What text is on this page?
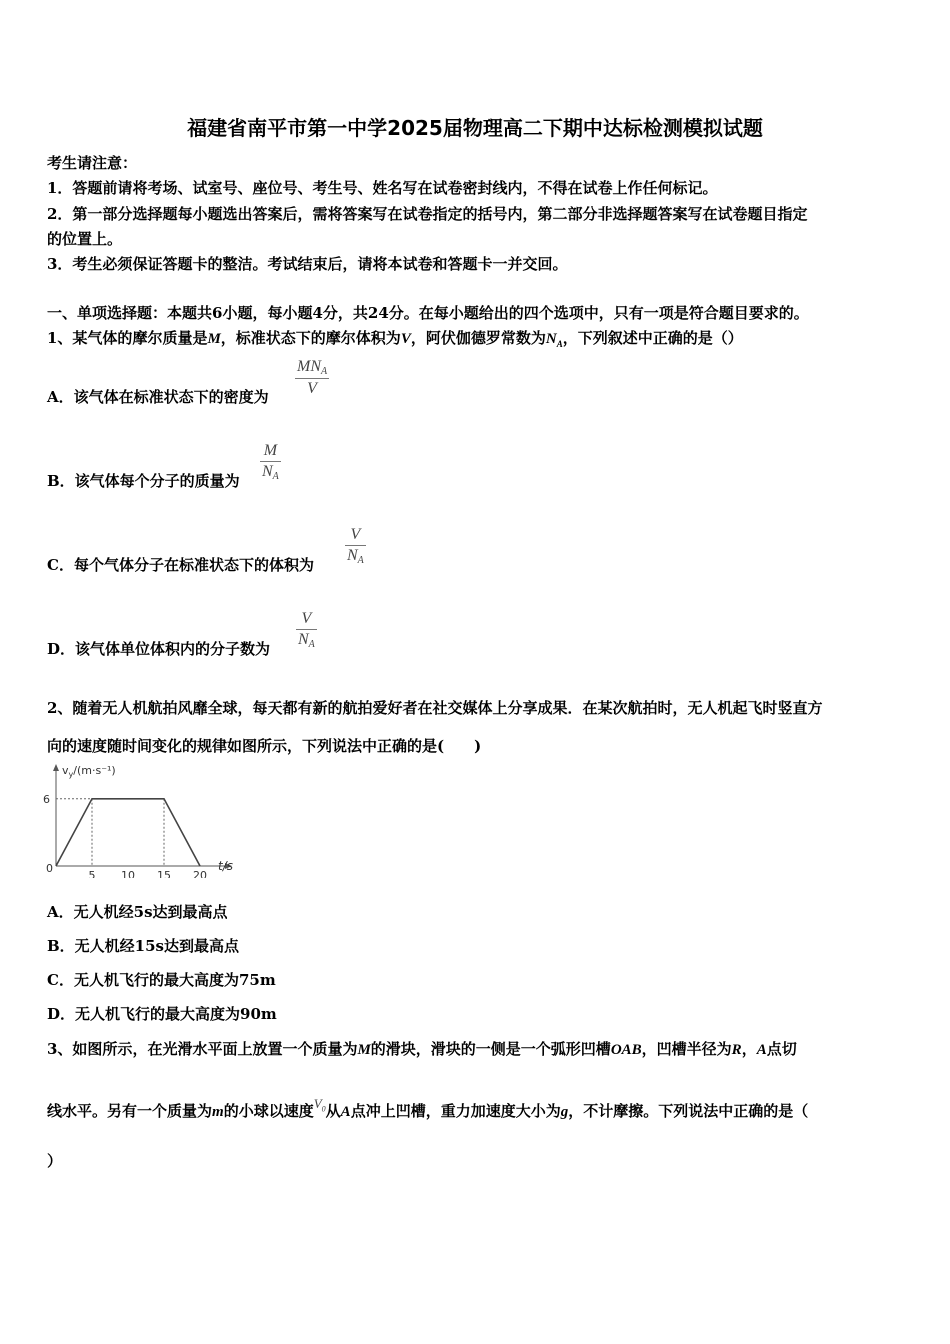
福建省南平市第一中学2025届物理高二下期中达标检测模拟试题
考生请注意：
1．答题前请将考场、试室号、座位号、考生号、姓名写在试卷密封线内，不得在试卷上作任何标记。
2．第一部分选择题每小题选出答案后，需将答案写在试卷指定的括号内，第二部分非选择题答案写在试卷题目指定
的位置上。
3．考生必须保证答题卡的整洁。考试结束后，请将本试卷和答题卡一并交回。
一、单项选择题：本题共6小题，每小题4分，共24分。在每小题给出的四个选项中，只有一项是符合题目要求的。
1、某气体的摩尔质量是M，标准状态下的摩尔体积为V，阿伏伽德罗常数为$N_A$，下列叙述中正确的是（）
A．该气体在标准状态下的密度为
$MN_A$
V
B．该气体每个分子的质量为
M
$N_A$
C．每个气体分子在标准状态下的体积为
V
$N_A$
D．该气体单位体积内的分子数为
V
$N_A$
2、随着无人机航拍风靡全球，每天都有新的航拍爱好者在社交媒体上分享成果．在某次航拍时，无人机起飞时竖直方
向的速度随时间变化的规律如图所示，下列说法中正确的是(　　)
$v_y/(m\cdot s^{-1})$
t/s
0
5 10 15 20
6
A．无人机经5s达到最高点
B．无人机经15s达到最高点
C．无人机飞行的最大高度为75m
D．无人机飞行的最大高度为90m
3、如图所示，在光滑水平面上放置一个质量为M的滑块，滑块的一侧是一个弧形凹槽OAB，凹槽半径为R，A点切
线水平。另有一个质量为m的小球以速度$V_0$从A点冲上凹槽，重力加速度大小为g，不计摩擦。下列说法中正确的是（
）
